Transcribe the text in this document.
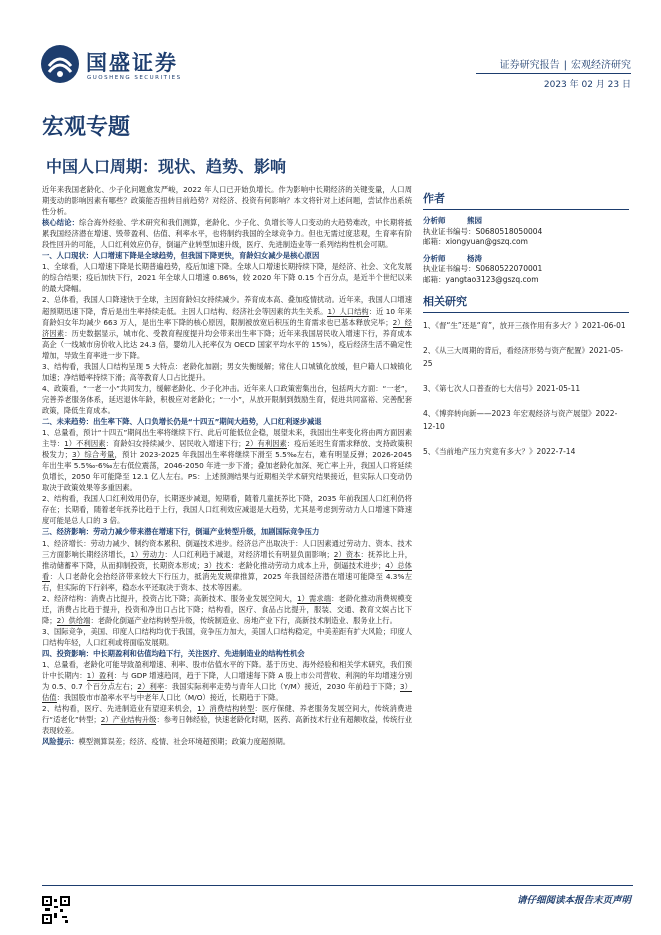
国盛证券
GUOSHENG SECURITIES
证券研究报告 | 宏观经济研究
2023 年 02 月 23 日
宏观专题
中国人口周期：现状、趋势、影响

近年来我国老龄化、少子化问题愈发严峻，2022 年人口已开始负增长。作为影响中长期经济的关键变量，人口周期变动的影响因素有哪些？政策能否扭转目前趋势？对经济、投资有何影响？本文将针对上述问题，尝试作出系统性分析。

核心结论：综合海外经验、学术研究和我们测算，老龄化、少子化、负增长等人口变动的大趋势难改，中长期将抵累我国经济潜在增速、毁带盈利、估值、利率水平，也将制约我国的全球竞争力。但也无需过度悲观，生育率有阶段性回升的可能，人口红利效应仍存，倒逼产业转型加速升级，医疗、先进制造业等一系列结构性机会可期。

一、人口现状：人口增速下降是全球趋势，但我国下降更快，育龄妇女减少是核心原因

1、全球看，人口增速下降是长期普遍趋势，疫后加速下降。全球人口增速长期持续下降，是经济、社会、文化发展的综合结果；疫后加快下行，2021 年全球人口增速 0.86%，较 2020 年下降 0.15 个百分点，是近半个世纪以来的最大降幅。

2、总体看，我国人口降速快于全球，主因育龄妇女持续减少。养育成本高、叠加疫情扰动。近年来，我国人口增速超预期迅速下降，背后是出生率持续走低。主因人口结构、经济社会等因素的共生关系。1）人口结构：近 10 年来育龄妇女年均减少 663 万人，是出生率下降的核心原因，限制被放宽后积压的生育需求也已基本释放完毕；2）经济因素：历史数据显示，城市化、受教育程度提升均会带来出生率下降；近年来我国居民收入增速下行，养育成本高企（一线城市房价收入比达 24.3 倍，婴幼儿入托率仅为 OECD 国家平均水平的 15%），疫后经济生活不确定性增加，导致生育率进一步下降。

3、结构看，我国人口结构呈现 5 大特点：老龄化加剧；男女失衡缓解；常住人口城镇化放缓，但户籍人口城镇化加速；净结婚率持续下滑；高等教育人口占比提升。

4、政策看，“一老一小”共同发力，缓解老龄化、少子化冲击。近年来人口政策密集出台，包括两大方面：“一老”，完善养老服务体系，延迟退休年龄，积极应对老龄化；“一小”，从放开限制到鼓励生育，促进共同富裕、完善配套政策，降低生育成本。

二、未来趋势：出生率下降、人口负增长仍是“十四五”期间大趋势，人口红利逐步减退

1、总量看，预计“十四五”期间出生率将继续下行、此后可能低位企稳，展望未来，我国出生率变化将由两方面因素主导：1）不利因素：育龄妇女持续减少、居民收入增速下行；2）有利因素：疫后延迟生育需求释放、支持政策积极发力；3）综合考量，预计 2023-2025 年我国出生率将继续下滑至 5.5‰左右，难有明显反弹；2026-2045 年出生率 5.5‰-6‰左右低位震荡，2046-2050 年进一步下滑；叠加老龄化加深、死亡率上升，我国人口将延续负增长，2050 年可能降至 12.1 亿人左右。PS：上述预测结果与近期相关学术研究结果接近，但实际人口变动仍取决于政策效果等多重因素。

2、结构看，我国人口红利效用仍存，长期逐步减退，短期看，随着几童抚养比下降，2035 年前我国人口红利仍将存在；长期看，随着老年抚养比趋于上行，我国人口红利效应减退是大趋势，尤其是考虑到劳动力人口增速下降速度可能是总人口的 3 倍。

三、经济影响：劳动力减少带来潜在增速下行，倒逼产业转型升级，加剧国际竞争压力

1、经济增长：劳动力减少、制约资本累积、倒逼技术进步。经济总产出取决于：人口因素通过劳动力、资本、技术三方面影响长期经济增长，1）劳动力：人口红利趋于减退，对经济增长有明显负面影响；2）资本：抚养比上升，推动储蓄率下降，从而抑制投资，长期资本形成；3）技术：老龄化推动劳动力成本上升，倒逼技术进步；4）总体看：人口老龄化会抬经济带来较大下行压力，抵消先发规律推算，2025 年我国经济潜在增速可能降至 4.3%左右，但实际的下行斜率，稳态水平还取决于资本、技术等因素。

2、经济结构：消费占比提升，投资占比下降；高新技术、服务业发展空间大，1）需求端：老龄化推动消费规模变迁，消费占比趋于提升，投资和净出口占比下降；结构看，医疗、食品占比提升，服装、交通、教育文娱占比下降；2）供给端：老龄化倒逼产业结构转型升级，传统制造业、房地产业下行，高新技术制造业、服务业上行。

3、国际竞争，美国、印度人口结构均优于我国，竞争压力加大，美国人口结构稳定，中美差距有扩大风险；印度人口结构年轻，人口红利或将面临发展期。

四、投资影响：中长期盈利和估值均趋下行，关注医疗、先进制造业的结构性机会

1、总量看，老龄化可能导致盈利增速、利率、股市估值水平的下降。基于历史、海外经验和相关学术研究，我们预计中长期内：1）盈利：与 GDP 增速趋同，趋于下降，人口增速每下降 A 股上市公司营收、利润的年均增速分别为 0.5、0.7 个百分点左右；2）利率：我国实际利率走势与青年人口比（Y/M）接近，2030 年前趋于下降；3）估值：我国股市市盈率水平与中老年人口比（M/O）接近，长期趋于下降。

2、结构看，医疗、先进制造业有望迎来机会，1）消费结构转型：医疗保健、养老服务发展空间大，传统消费进行“适老化”转型；2）产业结构升级：参考日韩经验，快速老龄化时期，医药、高新技术行业有超额收益，传统行业表现较差。

风险提示：模型测算误差；经济、疫情、社会环境超预期；政策力度超预期。

作者
分析师	熊园
执业证书编号：S0680518050004
邮箱：xiongyuan@gszq.com
分析师	杨涛
执业证书编号：S0680522070001
邮箱：yangtao3123@gszq.com
相关研究
1、《督“生”还是“育”，放开三孩作用有多大？》2021-06-01
2、《从三大周期的背后，看经济形势与资产配置》2021-05-25
3、《第七次人口普查的七大信号》2021-05-11
4、《博弈转向新——2023 年宏观经济与资产展望》2022-12-10
5、《当前地产压力究竟有多大？》2022-7-14
请仔细阅读本报告末页声明
